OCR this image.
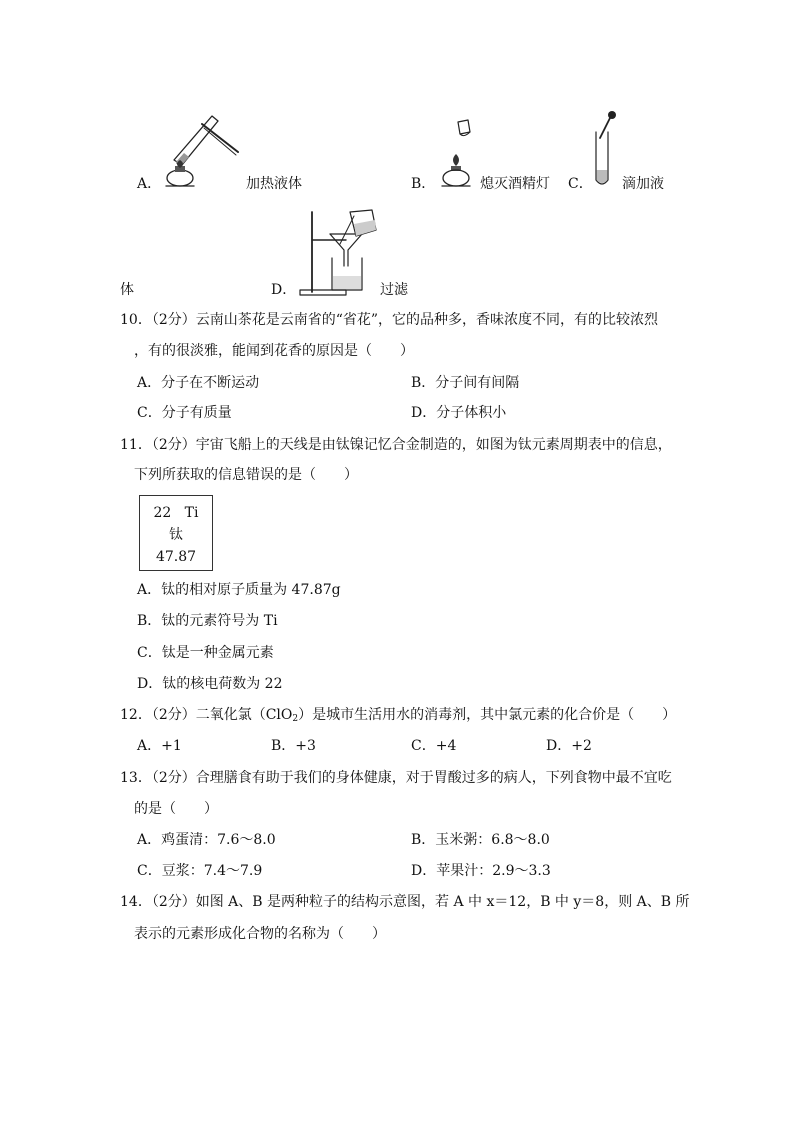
A．	加热液体	B．	熄灭酒精灯 C． 滴加液
体	D．	过滤
10．（2分）云南山茶花是云南省的“省花”，它的品种多，香味浓度不同，有的比较浓烈
，有的很淡雅，能闻到花香的原因是（　　）
A．分子在不断运动	B．分子间有间隔
C．分子有质量	D．分子体积小
11．（2分）宇宙飞船上的天线是由钛镍记忆合金制造的，如图为钛元素周期表中的信息，
下列所获取的信息错误的是（　　）
22 Ti
钛
47.87
A．钛的相对原子质量为 47.87g
B．钛的元素符号为 Ti
C．钛是一种金属元素
D．钛的核电荷数为 22
12．（2分）二氧化氯（ClO$_2$）是城市生活用水的消毒剂，其中氯元素的化合价是（　　）
A．+1	B．+3	C．+4	D．+2
13．（2分）合理膳食有助于我们的身体健康，对于胃酸过多的病人，下列食物中最不宜吃
的是（　　）
A．鸡蛋清：7.6～8.0	B．玉米粥：6.8～8.0
C．豆浆：7.4～7.9	D．苹果汁：2.9～3.3
14．（2分）如图 A、B 是两种粒子的结构示意图，若 A 中 x＝12，B 中 y＝8，则 A、B 所
表示的元素形成化合物的名称为（　　）
